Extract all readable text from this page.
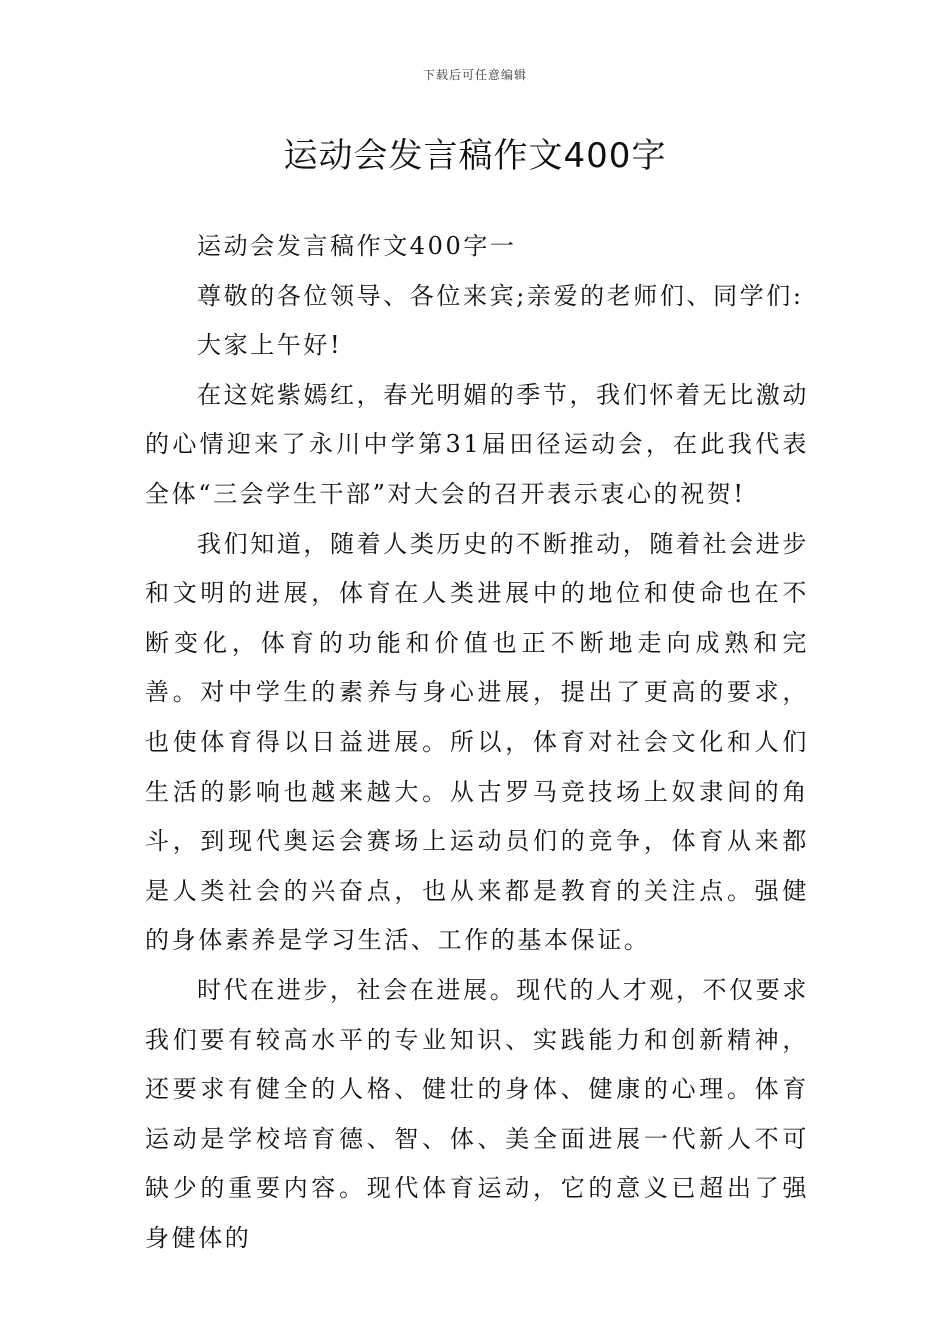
下载后可任意编辑
运动会发言稿作文400字

运动会发言稿作文400字一

尊敬的各位领导、各位来宾;亲爱的老师们、同学们:

大家上午好!

在这姹紫嫣红，春光明媚的季节，我们怀着无比激动的心情迎来了永川中学第31届田径运动会，在此我代表全体“三会学生干部”对大会的召开表示衷心的祝贺!

我们知道，随着人类历史的不断推动，随着社会进步和文明的进展，体育在人类进展中的地位和使命也在不断变化，体育的功能和价值也正不断地走向成熟和完善。对中学生的素养与身心进展，提出了更高的要求，也使体育得以日益进展。所以，体育对社会文化和人们生活的影响也越来越大。从古罗马竞技场上奴隶间的角斗，到现代奥运会赛场上运动员们的竞争，体育从来都是人类社会的兴奋点，也从来都是教育的关注点。强健的身体素养是学习生活、工作的基本保证。

时代在进步，社会在进展。现代的人才观，不仅要求我们要有较高水平的专业知识、实践能力和创新精神，还要求有健全的人格、健壮的身体、健康的心理。体育运动是学校培育德、智、体、美全面进展一代新人不可缺少的重要内容。现代体育运动，它的意义已超出了强身健体的
